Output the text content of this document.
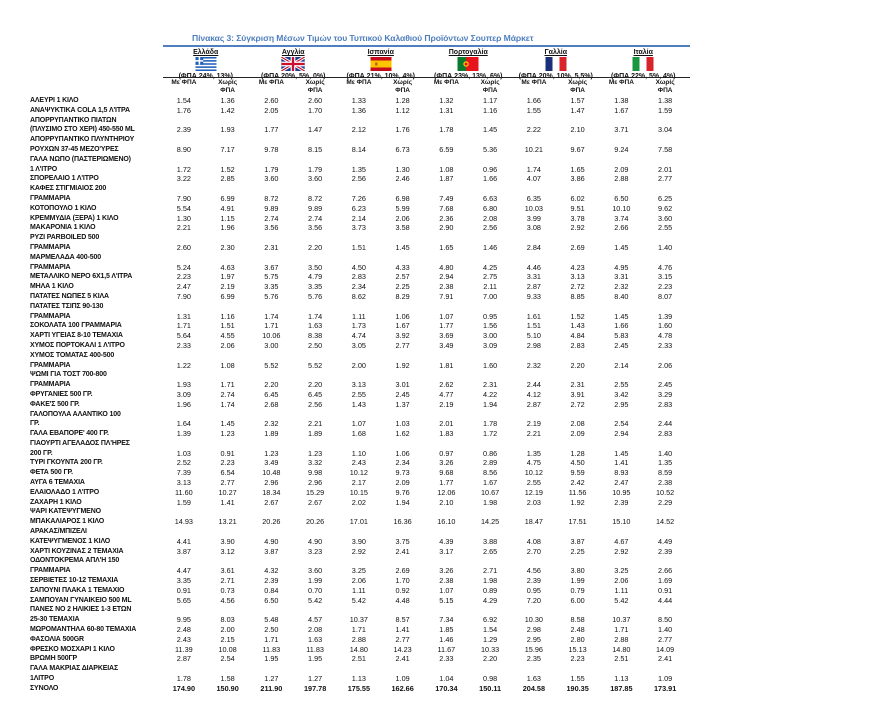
Πίνακας 3: Σύγκριση Μέσων Τιμών του Τυπικού Καλαθιού Προϊόντων Σουπερ Μάρκετ
Ελλάδα	Αγγλία	Ισπανία	Πορτογαλία	Γαλλία	Ιταλία
Με ΦΠΑ	Χωρίς
ΦΠΑ
Με ΦΠΑ	Χωρίς
ΦΠΑ
Με ΦΠΑ	Χωρίς
ΦΠΑ
Με ΦΠΑ	Χωρίς
ΦΠΑ
Με ΦΠΑ	Χωρίς
ΦΠΑ
Με ΦΠΑ	Χωρίς
ΦΠΑ
ΑΛΕΥΡΙ 1 ΚΙΛΟ	1.54	1.36	2.60	2.60	1.33	1.28	1.32	1.17	1.66	1.57	1.38	1.38

ΑΝΑΨΥΚΤΙΚΑ COLA 1,5 Λ'ΙΤΡΑ	1.76	1.42	2.05	1.70	1.36	1.12	1.31	1.16	1.55	1.47	1.67	1.59

ΑΠΟΡΡΥΠΑΝΤΙΚΟ ΠΙΑΤΩΝ
(ΠΛΥΣΙΜΟ ΣΤΟ ΧΕΡΙ) 450-550 ML	2.39	1.93	1.77	1.47	2.12	1.76	1.78	1.45	2.22	2.10	3.71	3.04

ΑΠΟΡΡΥΠΑΝΤΙΚΟ ΠΛΥΝΤΗΡΙΟΥ
ΡΟΥΧΩΝ 37-45 ΜΕΖΟ'ΥΡΕΣ	8.90	7.17	9.78	8.15	8.14	6.73	6.59	5.36	10.21	9.67	9.24	7.58

ΓΑΛΑ ΝΩΠΟ (ΠΑΣΤΕΡΙΩΜΕΝΟ)
1 Λ'ΙΤΡΟ	1.72	1.52	1.79	1.79	1.35	1.30	1.08	0.96	1.74	1.65	2.09	2.01

ΣΠΟΡΕΛΑΙΟ 1 Λ'ΙΤΡΟ	3.22	2.85	3.60	3.60	2.56	2.46	1.87	1.66	4.07	3.86	2.88	2.77

ΚΑΦΕΣ ΣΤΙΓΜΙΑΙΟΣ 200
ΓΡΑΜΜΑΡΙΑ	7.90	6.99	8.72	8.72	7.26	6.98	7.49	6.63	6.35	6.02	6.50	6.25

ΚΟΤΟΠΟΥΛΟ 1 ΚΙΛΟ	5.54	4.91	9.89	9.89	6.23	5.99	7.68	6.80	10.03	9.51	10.10	9.62

ΚΡΕΜΜΥΔΙΑ (ΞΕΡΑ) 1 ΚΙΛΟ	1.30	1.15	2.74	2.74	2.14	2.06	2.36	2.08	3.99	3.78	3.74	3.60

ΜΑΚΑΡΟΝΙΑ 1 ΚΙΛΟ	2.21	1.96	3.56	3.56	3.73	3.58	2.90	2.56	3.08	2.92	2.66	2.55

ΡΥΖΙ PARBOILED 500
ΓΡΑΜΜΑΡΙΑ	2.60	2.30	2.31	2.20	1.51	1.45	1.65	1.46	2.84	2.69	1.45	1.40

ΜΑΡΜΕΛΑΔΑ 400-500
ΓΡΑΜΜΑΡΙΑ	5.24	4.63	3.67	3.50	4.50	4.33	4.80	4.25	4.46	4.23	4.95	4.76

ΜΕΤΑΛΛΙΚΟ ΝΕΡΟ 6Χ1,5 Λ'ΙΤΡΑ	2.23	1.97	5.75	4.79	2.83	2.57	2.94	2.75	3.31	3.13	3.31	3.15

ΜΗΛΑ 1 ΚΙΛΟ	2.47	2.19	3.35	3.35	2.34	2.25	2.38	2.11	2.87	2.72	2.32	2.23

ΠΑΤΑΤΕΣ ΝΩΠΕΣ 5 ΚΙΛΑ	7.90	6.99	5.76	5.76	8.62	8.29	7.91	7.00	9.33	8.85	8.40	8.07

ΠΑΤΑΤΕΣ ΤΣΙΠΣ 90-130
ΓΡΑΜΜΑΡΙΑ	1.31	1.16	1.74	1.74	1.11	1.06	1.07	0.95	1.61	1.52	1.45	1.39

ΣΟΚΟΛΑΤΑ 100 ΓΡΑΜΜΑΡΙΑ	1.71	1.51	1.71	1.63	1.73	1.67	1.77	1.56	1.51	1.43	1.66	1.60

ΧΑΡΤΙ ΥΓΕΙΑΣ 8-10 ΤΕΜΑΧΙΑ	5.64	4.55	10.06	8.38	4.74	3.92	3.69	3.00	5.10	4.84	5.83	4.78

ΧΥΜΟΣ ΠΟΡΤΟΚΑΛΙ 1 Λ'ΙΤΡΟ	2.33	2.06	3.00	2.50	3.05	2.77	3.49	3.09	2.98	2.83	2.45	2.33

ΧΥΜΟΣ ΤΟΜΑΤΑΣ 400-500
ΓΡΑΜΜΑΡΙΑ	1.22	1.08	5.52	5.52	2.00	1.92	1.81	1.60	2.32	2.20	2.14	2.06

ΨΩΜΙ ΓΙΑ ΤΟΣΤ 700-800
ΓΡΑΜΜΑΡΙΑ	1.93	1.71	2.20	2.20	3.13	3.01	2.62	2.31	2.44	2.31	2.55	2.45

ΦΡΥΓΑΝΙΕΣ 500 ΓΡ.	3.09	2.74	6.45	6.45	2.55	2.45	4.77	4.22	4.12	3.91	3.42	3.29

ΦΑΚΕ'Σ 500 ΓΡ.	1.96	1.74	2.68	2.56	1.43	1.37	2.19	1.94	2.87	2.72	2.95	2.83

ΓΑΛΟΠΟΥΛΑ ΑΛΑΝΤΙΚΟ 100
ΓΡ.	1.64	1.45	2.32	2.21	1.07	1.03	2.01	1.78	2.19	2.08	2.54	2.44

ΓΑΛΑ ΕΒΑΠΟΡΕ' 400 ΓΡ.	1.39	1.23	1.89	1.89	1.68	1.62	1.83	1.72	2.21	2.09	2.94	2.83

ΓΙΑΟΥΡΤΙ ΑΓΕΛΑΔΟΣ ΠΛ'ΗΡΕΣ
200 ΓΡ.	1.03	0.91	1.23	1.23	1.10	1.06	0.97	0.86	1.35	1.28	1.45	1.40

ΤΥΡΙ ΓΚΟΥΝΤΑ 200 ΓΡ.	2.52	2.23	3.49	3.32	2.43	2.34	3.26	2.89	4.75	4.50	1.41	1.35

ΦΕΤΑ 500 ΓΡ.	7.39	6.54	10.48	9.98	10.12	9.73	9.68	8.56	10.12	9.59	8.93	8.59

ΑΥΓΑ 6 ΤΕΜΑΧΙΑ	3.13	2.77	2.96	2.96	2.17	2.09	1.77	1.67	2.55	2.42	2.47	2.38

ΕΛΑΙΟΛΑΔΟ 1 Λ'ΙΤΡΟ	11.60	10.27	18.34	15.29	10.15	9.76	12.06	10.67	12.19	11.56	10.95	10.52

ΖΑΧΑΡΗ 1 ΚΙΛΟ	1.59	1.41	2.67	2.67	2.02	1.94	2.10	1.98	2.03	1.92	2.39	2.29

ΨΑΡΙ ΚΑΤΕΨΥΓΜΕΝΟ
ΜΠΑΚΑΛΙΑΡΟΣ 1 ΚΙΛΟ	14.93	13.21	20.26	20.26	17.01	16.36	16.10	14.25	18.47	17.51	15.10	14.52

ΑΡΑΚΑΣ/ΜΠΙΖΕΛΙ
ΚΑΤΕΨΥΓΜΕΝΟΣ 1 ΚΙΛΟ	4.41	3.90	4.90	4.90	3.90	3.75	4.39	3.88	4.08	3.87	4.67	4.49

ΧΑΡΤΙ ΚΟΥΖΙΝΑΣ 2 ΤΕΜΑΧΙΑ	3.87	3.12	3.87	3.23	2.92	2.41	3.17	2.65	2.70	2.25	2.92	2.39

ΟΔΟΝΤΟΚΡΕΜΑ ΑΠΛ'Η 150
ΓΡΑΜΜΑΡΙΑ	4.47	3.61	4.32	3.60	3.25	2.69	3.26	2.71	4.56	3.80	3.25	2.66

ΣΕΡΒΙΕΤΕΣ 10-12 ΤΕΜΑΧΙΑ	3.35	2.71	2.39	1.99	2.06	1.70	2.38	1.98	2.39	1.99	2.06	1.69

ΣΑΠΟΥΝΙ ΠΛΑΚΑ 1 ΤΕΜΑΧΙΟ	0.91	0.73	0.84	0.70	1.11	0.92	1.07	0.89	0.95	0.79	1.11	0.91

ΣΑΜΠΟΥΑΝ ΓΥΝΑΙΚΕΙΟ 500 ML	5.65	4.56	6.50	5.42	5.42	4.48	5.15	4.29	7.20	6.00	5.42	4.44

ΠΑΝΕΣ ΝΟ 2 ΗΛΙΚΙΕΣ 1-3 ΕΤΩΝ
25-30 ΤΕΜΑΧΙΑ	9.95	8.03	5.48	4.57	10.37	8.57	7.34	6.92	10.30	8.58	10.37	8.50

ΜΩΡΟΜΑΝΤΗΛΑ 60-80 ΤΕΜΑΧΙΑ	2.48	2.00	2.50	2.08	1.71	1.41	1.85	1.54	2.98	2.48	1.71	1.40

ΦΑΣΟΛΙΑ 500GR	2.43	2.15	1.71	1.63	2.88	2.77	1.46	1.29	2.95	2.80	2.88	2.77

ΦΡΕΣΚΟ ΜΟΣΧΑΡΙ 1 ΚΙΛΟ	11.39	10.08	11.83	11.83	14.80	14.23	11.67	10.33	15.96	15.13	14.80	14.09

ΒΡΩΜΗ 500ΓΡ	2.87	2.54	1.95	1.95	2.51	2.41	2.33	2.20	2.35	2.23	2.51	2.41

ΓΑΛΑ ΜΑΚΡΙΑΣ ΔΙΑΡΚΕΙΑΣ
1ΛΙΤΡΟ	1.78	1.58	1.27	1.27	1.13	1.09	1.04	0.98	1.63	1.55	1.13	1.09
ΣΥΝΟΛΟ	174.90	150.90	211.90	197.78	175.55	162.66	170.34	150.11	204.58	190.35	187.85	173.91
